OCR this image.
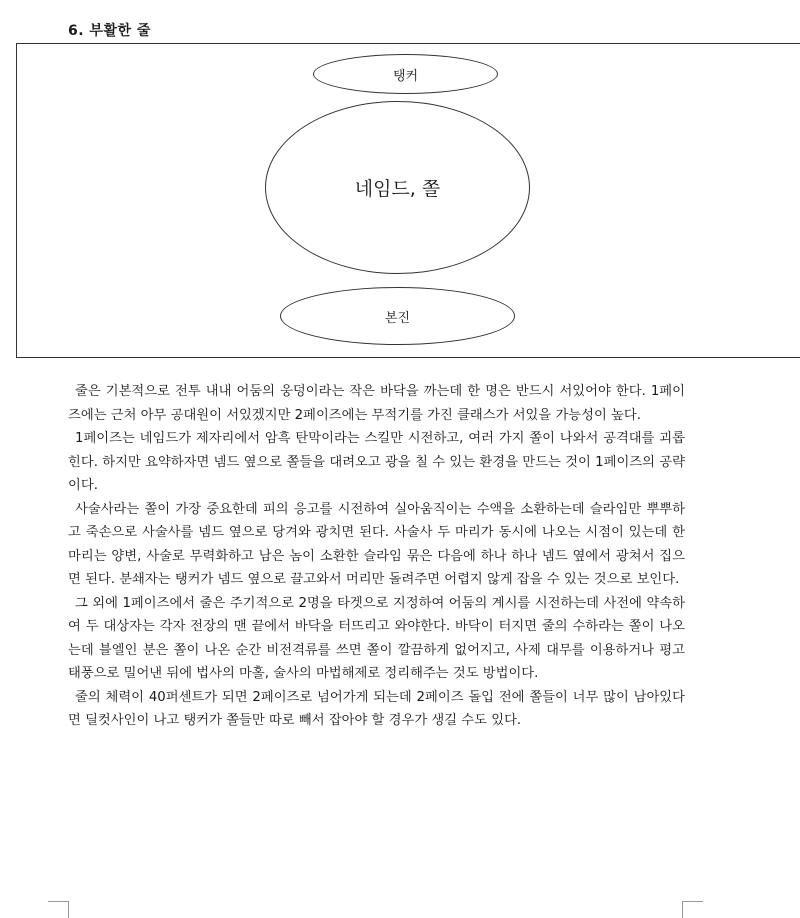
6. 부활한 줄
탱커
네임드, 쫄
본진

줄은 기본적으로 전투 내내 어둠의 웅덩이라는 작은 바닥을 까는데 한 명은 반드시 서있어야 한다. 1페이즈에는 근처 아무 공대원이 서있겠지만 2페이즈에는 무적기를 가진 클래스가 서있을 가능성이 높다.

1페이즈는 네임드가 제자리에서 암흑 탄막이라는 스킬만 시전하고, 여러 가지 쫄이 나와서 공격대를 괴롭힌다. 하지만 요약하자면 넴드 옆으로 쫄들을 대려오고 광을 칠 수 있는 환경을 만드는 것이 1페이즈의 공략이다.

사술사라는 쫄이 가장 중요한데 피의 응고를 시전하여 실아움직이는 수액을 소환하는데 슬라임만 뿌뿌하고 죽손으로 사술사를 넴드 옆으로 당겨와 광치면 된다. 사술사 두 마리가 동시에 나오는 시점이 있는데 한 마리는 양변, 사술로 무력화하고 남은 놈이 소환한 슬라임 묶은 다음에 하나 하나 넴드 옆에서 광쳐서 집으면 된다. 분쇄자는 탱커가 넴드 옆으로 끌고와서 머리만 돌려주면 어렵지 않게 잡을 수 있는 것으로 보인다.

그 외에 1페이즈에서 줄은 주기적으로 2명을 타겟으로 지정하여 어둠의 계시를 시전하는데 사전에 약속하여 두 대상자는 각자 전장의 맨 끝에서 바닥을 터뜨리고 와야한다. 바닥이 터지면 줄의 수하라는 쫄이 나오는데 블엘인 분은 쫄이 나온 순간 비전격류를 쓰면 쫄이 깔끔하게 없어지고, 사제 대무를 이용하거나 평고 태풍으로 밀어낸 뒤에 법사의 마홀, 술사의 마법해제로 정리해주는 것도 방법이다.

줄의 체력이 40퍼센트가 되면 2페이즈로 넘어가게 되는데 2페이즈 돌입 전에 쫄들이 너무 많이 남아있다면 딜컷사인이 나고 탱커가 쫄들만 따로 빼서 잡아야 할 경우가 생길 수도 있다.
